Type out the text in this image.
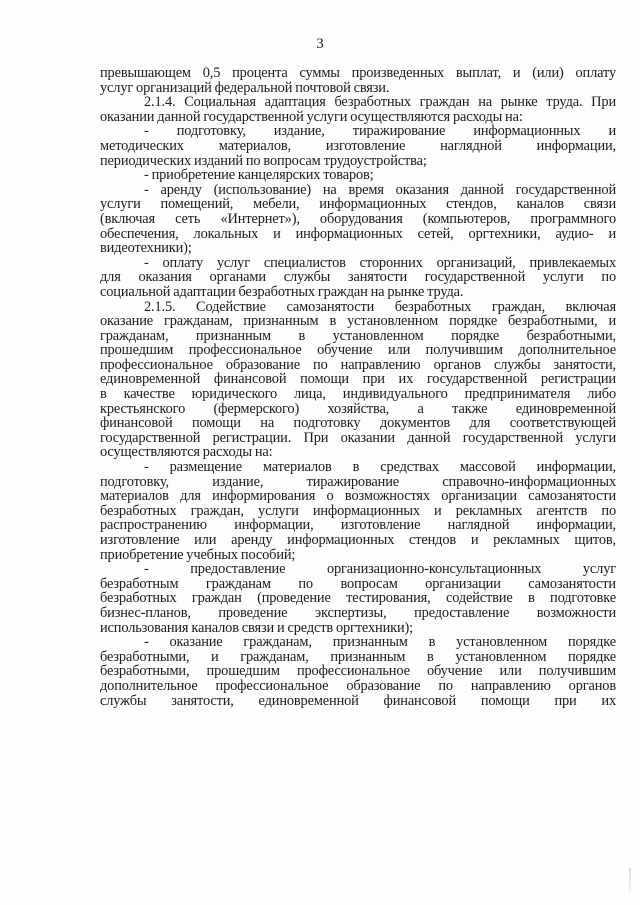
3
превышающем 0,5 процента суммы произведенных выплат, и (или) оплату
услуг организаций федеральной почтовой связи.
2.1.4. Социальная адаптация безработных граждан на рынке труда. При
оказании данной государственной услуги осуществляются расходы на:
- подготовку, издание, тиражирование информационных и
методических материалов, изготовление наглядной информации,
периодических изданий по вопросам трудоустройства;
- приобретение канцелярских товаров;
- аренду (использование) на время оказания данной государственной
услуги помещений, мебели, информационных стендов, каналов связи
(включая сеть «Интернет»), оборудования (компьютеров, программного
обеспечения, локальных и информационных сетей, оргтехники, аудио- и
видеотехники);
- оплату услуг специалистов сторонних организаций, привлекаемых
для оказания органами службы занятости государственной услуги по
социальной адаптации безработных граждан на рынке труда.
2.1.5. Содействие самозанятости безработных граждан, включая
оказание гражданам, признанным в установленном порядке безработными, и
гражданам, признанным в установленном порядке безработными,
прошедшим профессиональное обучение или получившим дополнительное
профессиональное образование по направлению органов службы занятости,
единовременной финансовой помощи при их государственной регистрации
в качестве юридического лица, индивидуального предпринимателя либо
крестьянского (фермерского) хозяйства, а также единовременной
финансовой помощи на подготовку документов для соответствующей
государственной регистрации. При оказании данной государственной услуги
осуществляются расходы на:
- размещение материалов в средствах массовой информации,
подготовку, издание, тиражирование справочно-информационных
материалов для информирования о возможностях организации самозанятости
безработных граждан, услуги информационных и рекламных агентств по
распространению информации, изготовление наглядной информации,
изготовление или аренду информационных стендов и рекламных щитов,
приобретение учебных пособий;
- предоставление организационно-консультационных услуг
безработным гражданам по вопросам организации самозанятости
безработных граждан (проведение тестирования, содействие в подготовке
бизнес-планов, проведение экспертизы, предоставление возможности
использования каналов связи и средств оргтехники);
- оказание гражданам, признанным в установленном порядке
безработными, и гражданам, признанным в установленном порядке
безработными, прошедшим профессиональное обучение или получившим
дополнительное профессиональное образование по направлению органов
службы занятости, единовременной финансовой помощи при их
